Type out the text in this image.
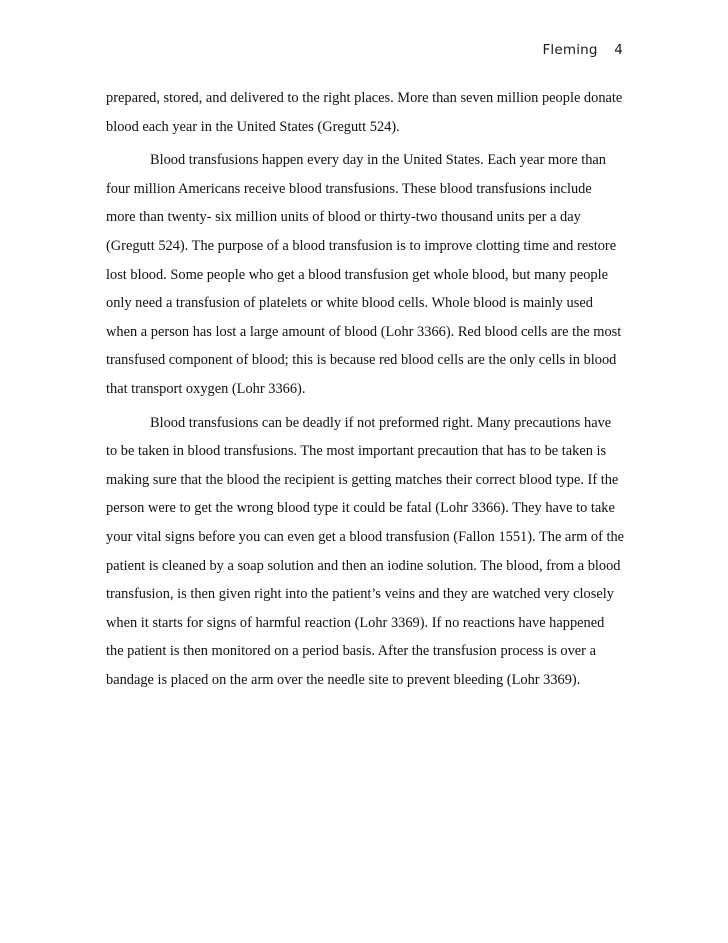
Fleming 4
prepared, stored, and delivered to the right places. More than seven million people donate
blood each year in the United States (Gregutt 524).
Blood transfusions happen every day in the United States. Each year more than
four million Americans receive blood transfusions. These blood transfusions include
more than twenty- six million units of blood or thirty-two thousand units per a day
(Gregutt 524). The purpose of a blood transfusion is to improve clotting time and restore
lost blood. Some people who get a blood transfusion get whole blood, but many people
only need a transfusion of platelets or white blood cells. Whole blood is mainly used
when a person has lost a large amount of blood (Lohr 3366). Red blood cells are the most
transfused component of blood; this is because red blood cells are the only cells in blood
that transport oxygen (Lohr 3366).
Blood transfusions can be deadly if not preformed right. Many precautions have
to be taken in blood transfusions. The most important precaution that has to be taken is
making sure that the blood the recipient is getting matches their correct blood type. If the
person were to get the wrong blood type it could be fatal (Lohr 3366). They have to take
your vital signs before you can even get a blood transfusion (Fallon 1551). The arm of the
patient is cleaned by a soap solution and then an iodine solution. The blood, from a blood
transfusion, is then given right into the patient’s veins and they are watched very closely
when it starts for signs of harmful reaction (Lohr 3369). If no reactions have happened
the patient is then monitored on a period basis. After the transfusion process is over a
bandage is placed on the arm over the needle site to prevent bleeding (Lohr 3369).
